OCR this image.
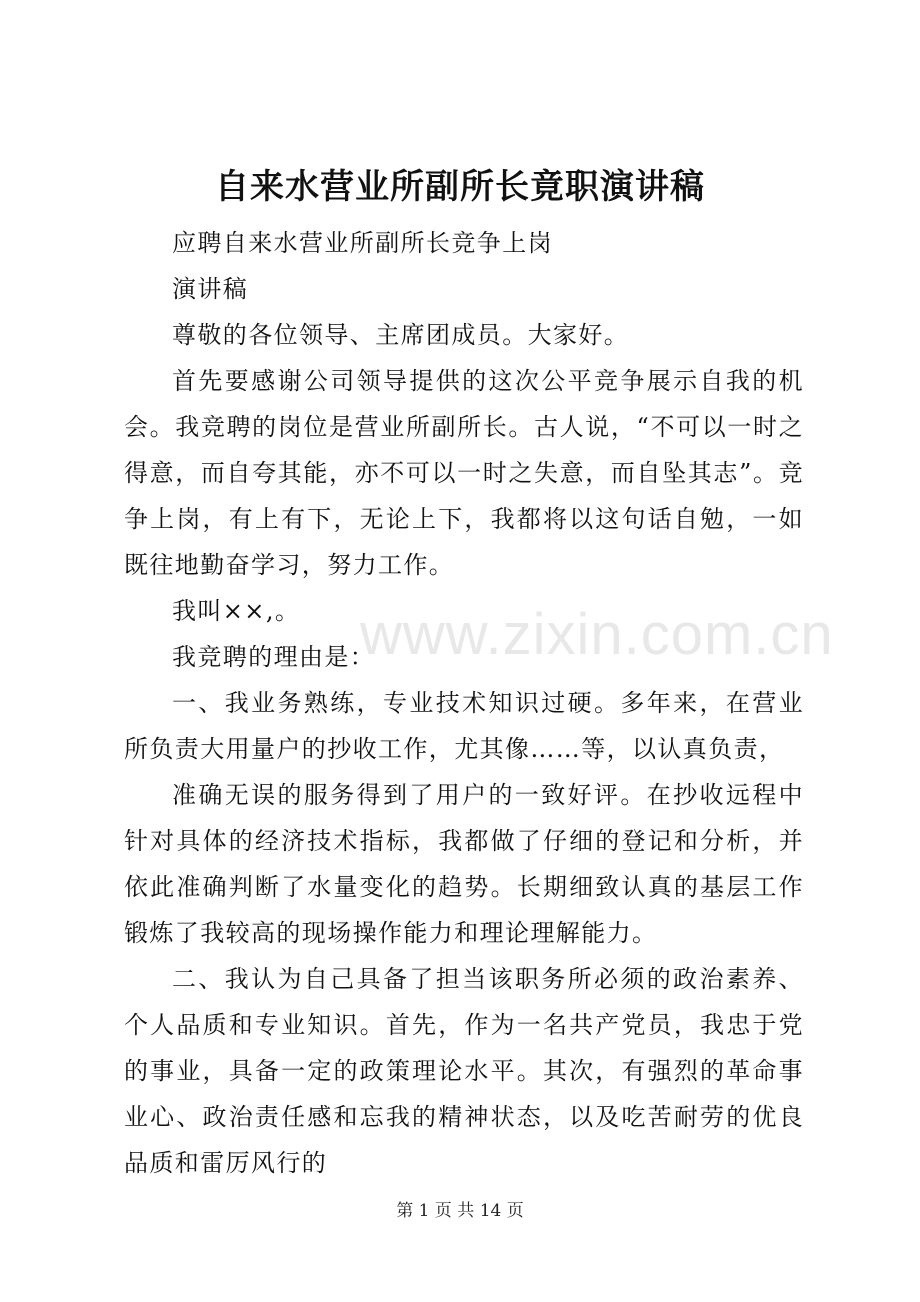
www.zixin.com.cn
自来水营业所副所长竟职演讲稿

应聘自来水营业所副所长竞争上岗

演讲稿

尊敬的各位领导、主席团成员。大家好。

首先要感谢公司领导提供的这次公平竞争展示自我的机会。我竞聘的岗位是营业所副所长。古人说，“不可以一时之得意，而自夸其能，亦不可以一时之失意，而自坠其志”。竞争上岗，有上有下，无论上下，我都将以这句话自勉，一如既往地勤奋学习，努力工作。

我叫××,。

我竞聘的理由是：

一、我业务熟练，专业技术知识过硬。多年来，在营业所负责大用量户的抄收工作，尤其像……等，以认真负责，

准确无误的服务得到了用户的一致好评。在抄收远程中针对具体的经济技术指标，我都做了仔细的登记和分析，并依此准确判断了水量变化的趋势。长期细致认真的基层工作锻炼了我较高的现场操作能力和理论理解能力。

二、我认为自己具备了担当该职务所必须的政治素养、个人品质和专业知识。首先，作为一名共产党员，我忠于党的事业，具备一定的政策理论水平。其次，有强烈的革命事业心、政治责任感和忘我的精神状态，以及吃苦耐劳的优良品质和雷厉风行的

第 1 页 共 14 页
